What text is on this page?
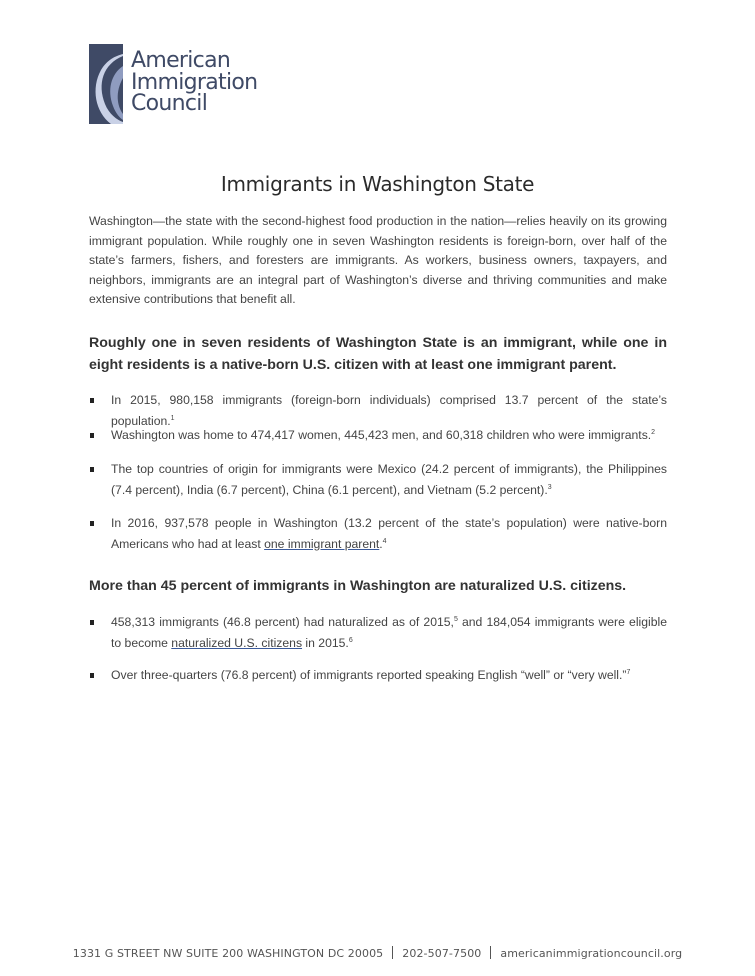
American
Immigration
Council
Immigrants in Washington State

Washington—the state with the second-highest food production in the nation—relies heavily on its growing immigrant population. While roughly one in seven Washington residents is foreign-born, over half of the state’s farmers, fishers, and foresters are immigrants. As workers, business owners, taxpayers, and neighbors, immigrants are an integral part of Washington’s diverse and thriving communities and make extensive contributions that benefit all.

Roughly one in seven residents of Washington State is an immigrant, while one in eight residents is a native-born U.S. citizen with at least one immigrant parent.
In 2015, 980,158 immigrants (foreign-born individuals) comprised 13.7 percent of the state’s population.$^1$
Washington was home to 474,417 women, 445,423 men, and 60,318 children who were immigrants.$^2$
The top countries of origin for immigrants were Mexico (24.2 percent of immigrants), the Philippines (7.4 percent), India (6.7 percent), China (6.1 percent), and Vietnam (5.2 percent).$^3$
In 2016, 937,578 people in Washington (13.2 percent of the state’s population) were native-born Americans who had at least one immigrant parent.$^4$
More than 45 percent of immigrants in Washington are naturalized U.S. citizens.
458,313 immigrants (46.8 percent) had naturalized as of 2015,$^5$ and 184,054 immigrants were eligible to become naturalized U.S. citizens in 2015.$^6$
Over three-quarters (76.8 percent) of immigrants reported speaking English “well” or “very well.”$^7$
1331 G STREET NW SUITE 200 WASHINGTON DC 20005 202-507-7500 americanimmigrationcouncil.org
